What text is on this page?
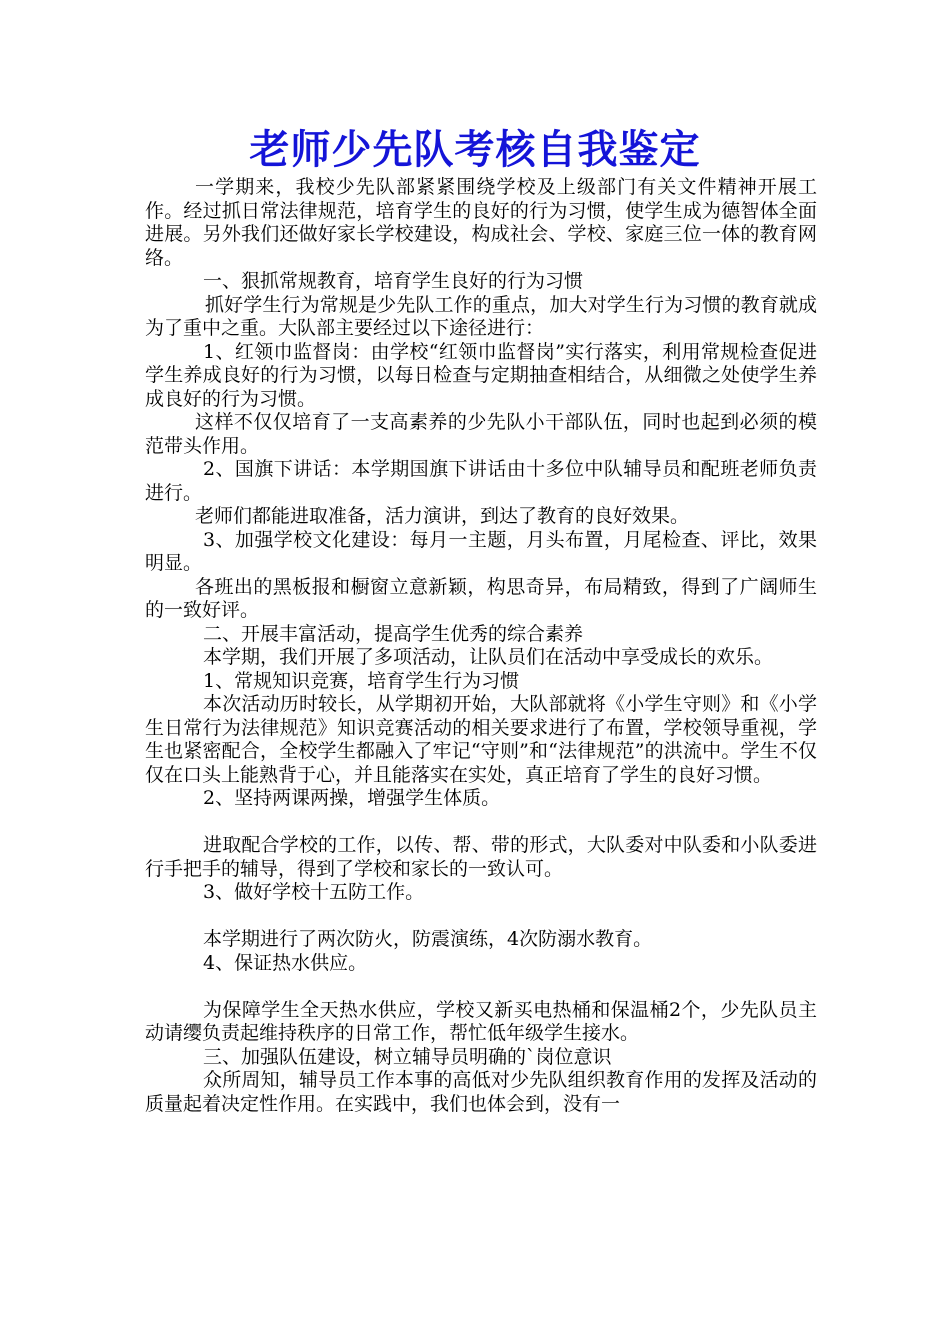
老师少先队考核自我鉴定

一学期来，我校少先队部紧紧围绕学校及上级部门有关文件精神开展工作。经过抓日常法律规范，培育学生的良好的行为习惯，使学生成为德智体全面进展。另外我们还做好家长学校建设，构成社会、学校、家庭三位一体的教育网络。

一、狠抓常规教育，培育学生良好的行为习惯

抓好学生行为常规是少先队工作的重点，加大对学生行为习惯的教育就成为了重中之重。大队部主要经过以下途径进行：

1、红领巾监督岗：由学校“红领巾监督岗”实行落实，利用常规检查促进学生养成良好的行为习惯，以每日检查与定期抽查相结合，从细微之处使学生养成良好的行为习惯。

这样不仅仅培育了一支高素养的少先队小干部队伍，同时也起到必须的模范带头作用。

2、国旗下讲话：本学期国旗下讲话由十多位中队辅导员和配班老师负责进行。

老师们都能进取准备，活力演讲，到达了教育的良好效果。

3、加强学校文化建设：每月一主题，月头布置，月尾检查、评比，效果明显。

各班出的黑板报和橱窗立意新颖，构思奇异，布局精致，得到了广阔师生的一致好评。

二、开展丰富活动，提高学生优秀的综合素养

本学期，我们开展了多项活动，让队员们在活动中享受成长的欢乐。

1、常规知识竞赛，培育学生行为习惯

本次活动历时较长，从学期初开始，大队部就将《小学生守则》和《小学生日常行为法律规范》知识竞赛活动的相关要求进行了布置，学校领导重视，学生也紧密配合，全校学生都融入了牢记“守则”和“法律规范”的洪流中。学生不仅仅在口头上能熟背于心，并且能落实在实处，真正培育了学生的良好习惯。

2、坚持两课两操，增强学生体质。

进取配合学校的工作，以传、帮、带的形式，大队委对中队委和小队委进行手把手的辅导，得到了学校和家长的一致认可。

3、做好学校十五防工作。

本学期进行了两次防火，防震演练，4次防溺水教育。

4、保证热水供应。

为保障学生全天热水供应，学校又新买电热桶和保温桶2个，少先队员主动请缨负责起维持秩序的日常工作，帮忙低年级学生接水。

三、加强队伍建设，树立辅导员明确的`岗位意识

众所周知，辅导员工作本事的高低对少先队组织教育作用的发挥及活动的质量起着决定性作用。在实践中，我们也体会到，没有一
